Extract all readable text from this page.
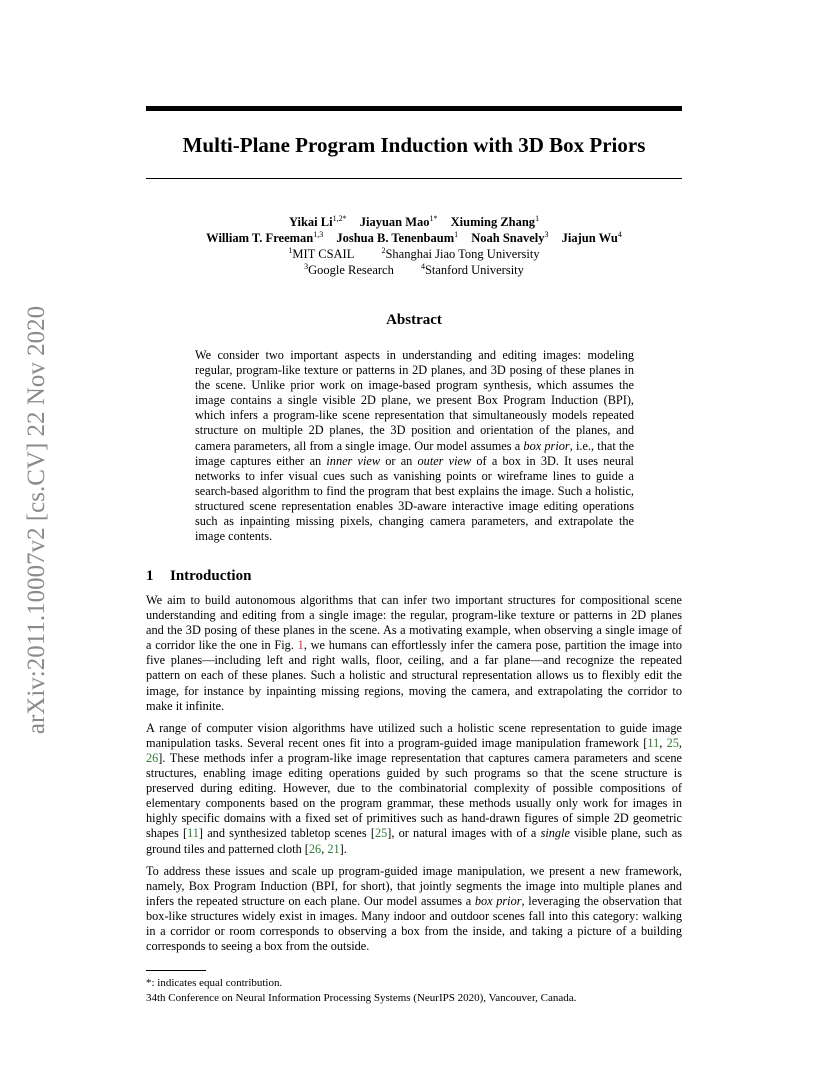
arXiv:2011.10007v2 [cs.CV] 22 Nov 2020
Multi-Plane Program Induction with 3D Box Priors
Yikai $Li^{1,2*}$ Jiayuan Mao$^{1*}$ Xiuming Zhang$^1$
William T. Freeman$^{1,3}$ Joshua B. Tenenbaum$^1$ Noah Snavely$^3$ Jiajun Wu$^4$
$^1$MIT CSAIL	$^2$Shanghai Jiao Tong University
$^3$Google Research	$^4$Stanford University
Abstract
We consider two important aspects in understanding and editing images: modeling regular, program-like texture or patterns in 2D planes, and 3D posing of these planes in the scene. Unlike prior work on image-based program synthesis, which assumes the image contains a single visible 2D plane, we present Box Program Induction (BPI), which infers a program-like scene representation that simultaneously models repeated structure on multiple 2D planes, the 3D position and orientation of the planes, and camera parameters, all from a single image. Our model assumes a box prior, i.e., that the image captures either an inner view or an outer view of a box in 3D. It uses neural networks to infer visual cues such as vanishing points or wireframe lines to guide a search-based algorithm to find the program that best explains the image. Such a holistic, structured scene representation enables 3D-aware interactive image editing operations such as inpainting missing pixels, changing camera parameters, and extrapolate the image contents.
1 Introduction

We aim to build autonomous algorithms that can infer two important structures for compositional scene understanding and editing from a single image: the regular, program-like texture or patterns in 2D planes and the 3D posing of these planes in the scene. As a motivating example, when observing a single image of a corridor like the one in Fig. 1, we humans can effortlessly infer the camera pose, partition the image into five planes—including left and right walls, floor, ceiling, and a far plane—and recognize the repeated pattern on each of these planes. Such a holistic and structural representation allows us to flexibly edit the image, for instance by inpainting missing regions, moving the camera, and extrapolating the corridor to make it infinite.

A range of computer vision algorithms have utilized such a holistic scene representation to guide image manipulation tasks. Several recent ones fit into a program-guided image manipulation framework [11, 25, 26]. These methods infer a program-like image representation that captures camera parameters and scene structures, enabling image editing operations guided by such programs so that the scene structure is preserved during editing. However, due to the combinatorial complexity of possible compositions of elementary components based on the program grammar, these methods usually only work for images in highly specific domains with a fixed set of primitives such as hand-drawn figures of simple 2D geometric shapes [11] and synthesized tabletop scenes [25], or natural images with of a single visible plane, such as ground tiles and patterned cloth [26, 21].

To address these issues and scale up program-guided image manipulation, we present a new framework, namely, Box Program Induction (BPI, for short), that jointly segments the image into multiple planes and infers the repeated structure on each plane. Our model assumes a box prior, leveraging the observation that box-like structures widely exist in images. Many indoor and outdoor scenes fall into this category: walking in a corridor or room corresponds to observing a box from the inside, and taking a picture of a building corresponds to seeing a box from the outside.

*: indicates equal contribution.
34th Conference on Neural Information Processing Systems (NeurIPS 2020), Vancouver, Canada.
